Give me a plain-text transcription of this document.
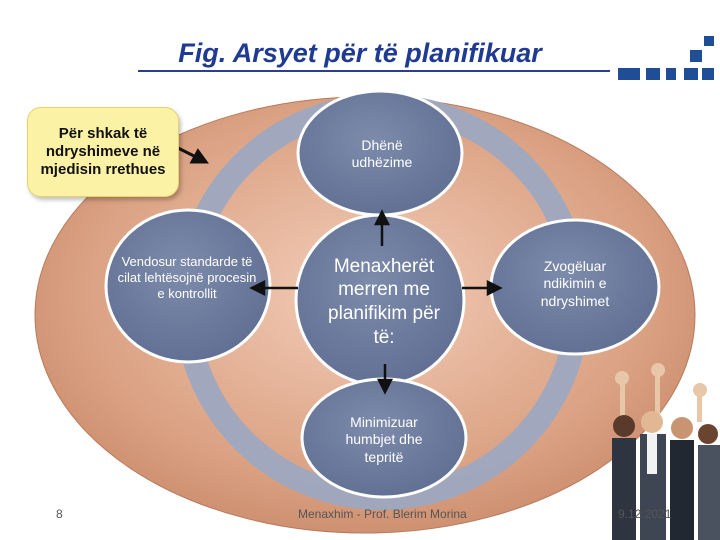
Fig. Arsyet për të planifikuar
Dhënë udhëzime
Vendosur standarde të cilat lehtësojnë procesin e kontrollit
Menaxherët merren me planifikim për të:
Zvogëluar ndikimin e ndryshimet
Minimizuar humbjet dhe tepritë
Për shkak të ndryshimeve në mjedisin rrethues
8	Menaxhim - Prof. Blerim Morina	9.12.2021
